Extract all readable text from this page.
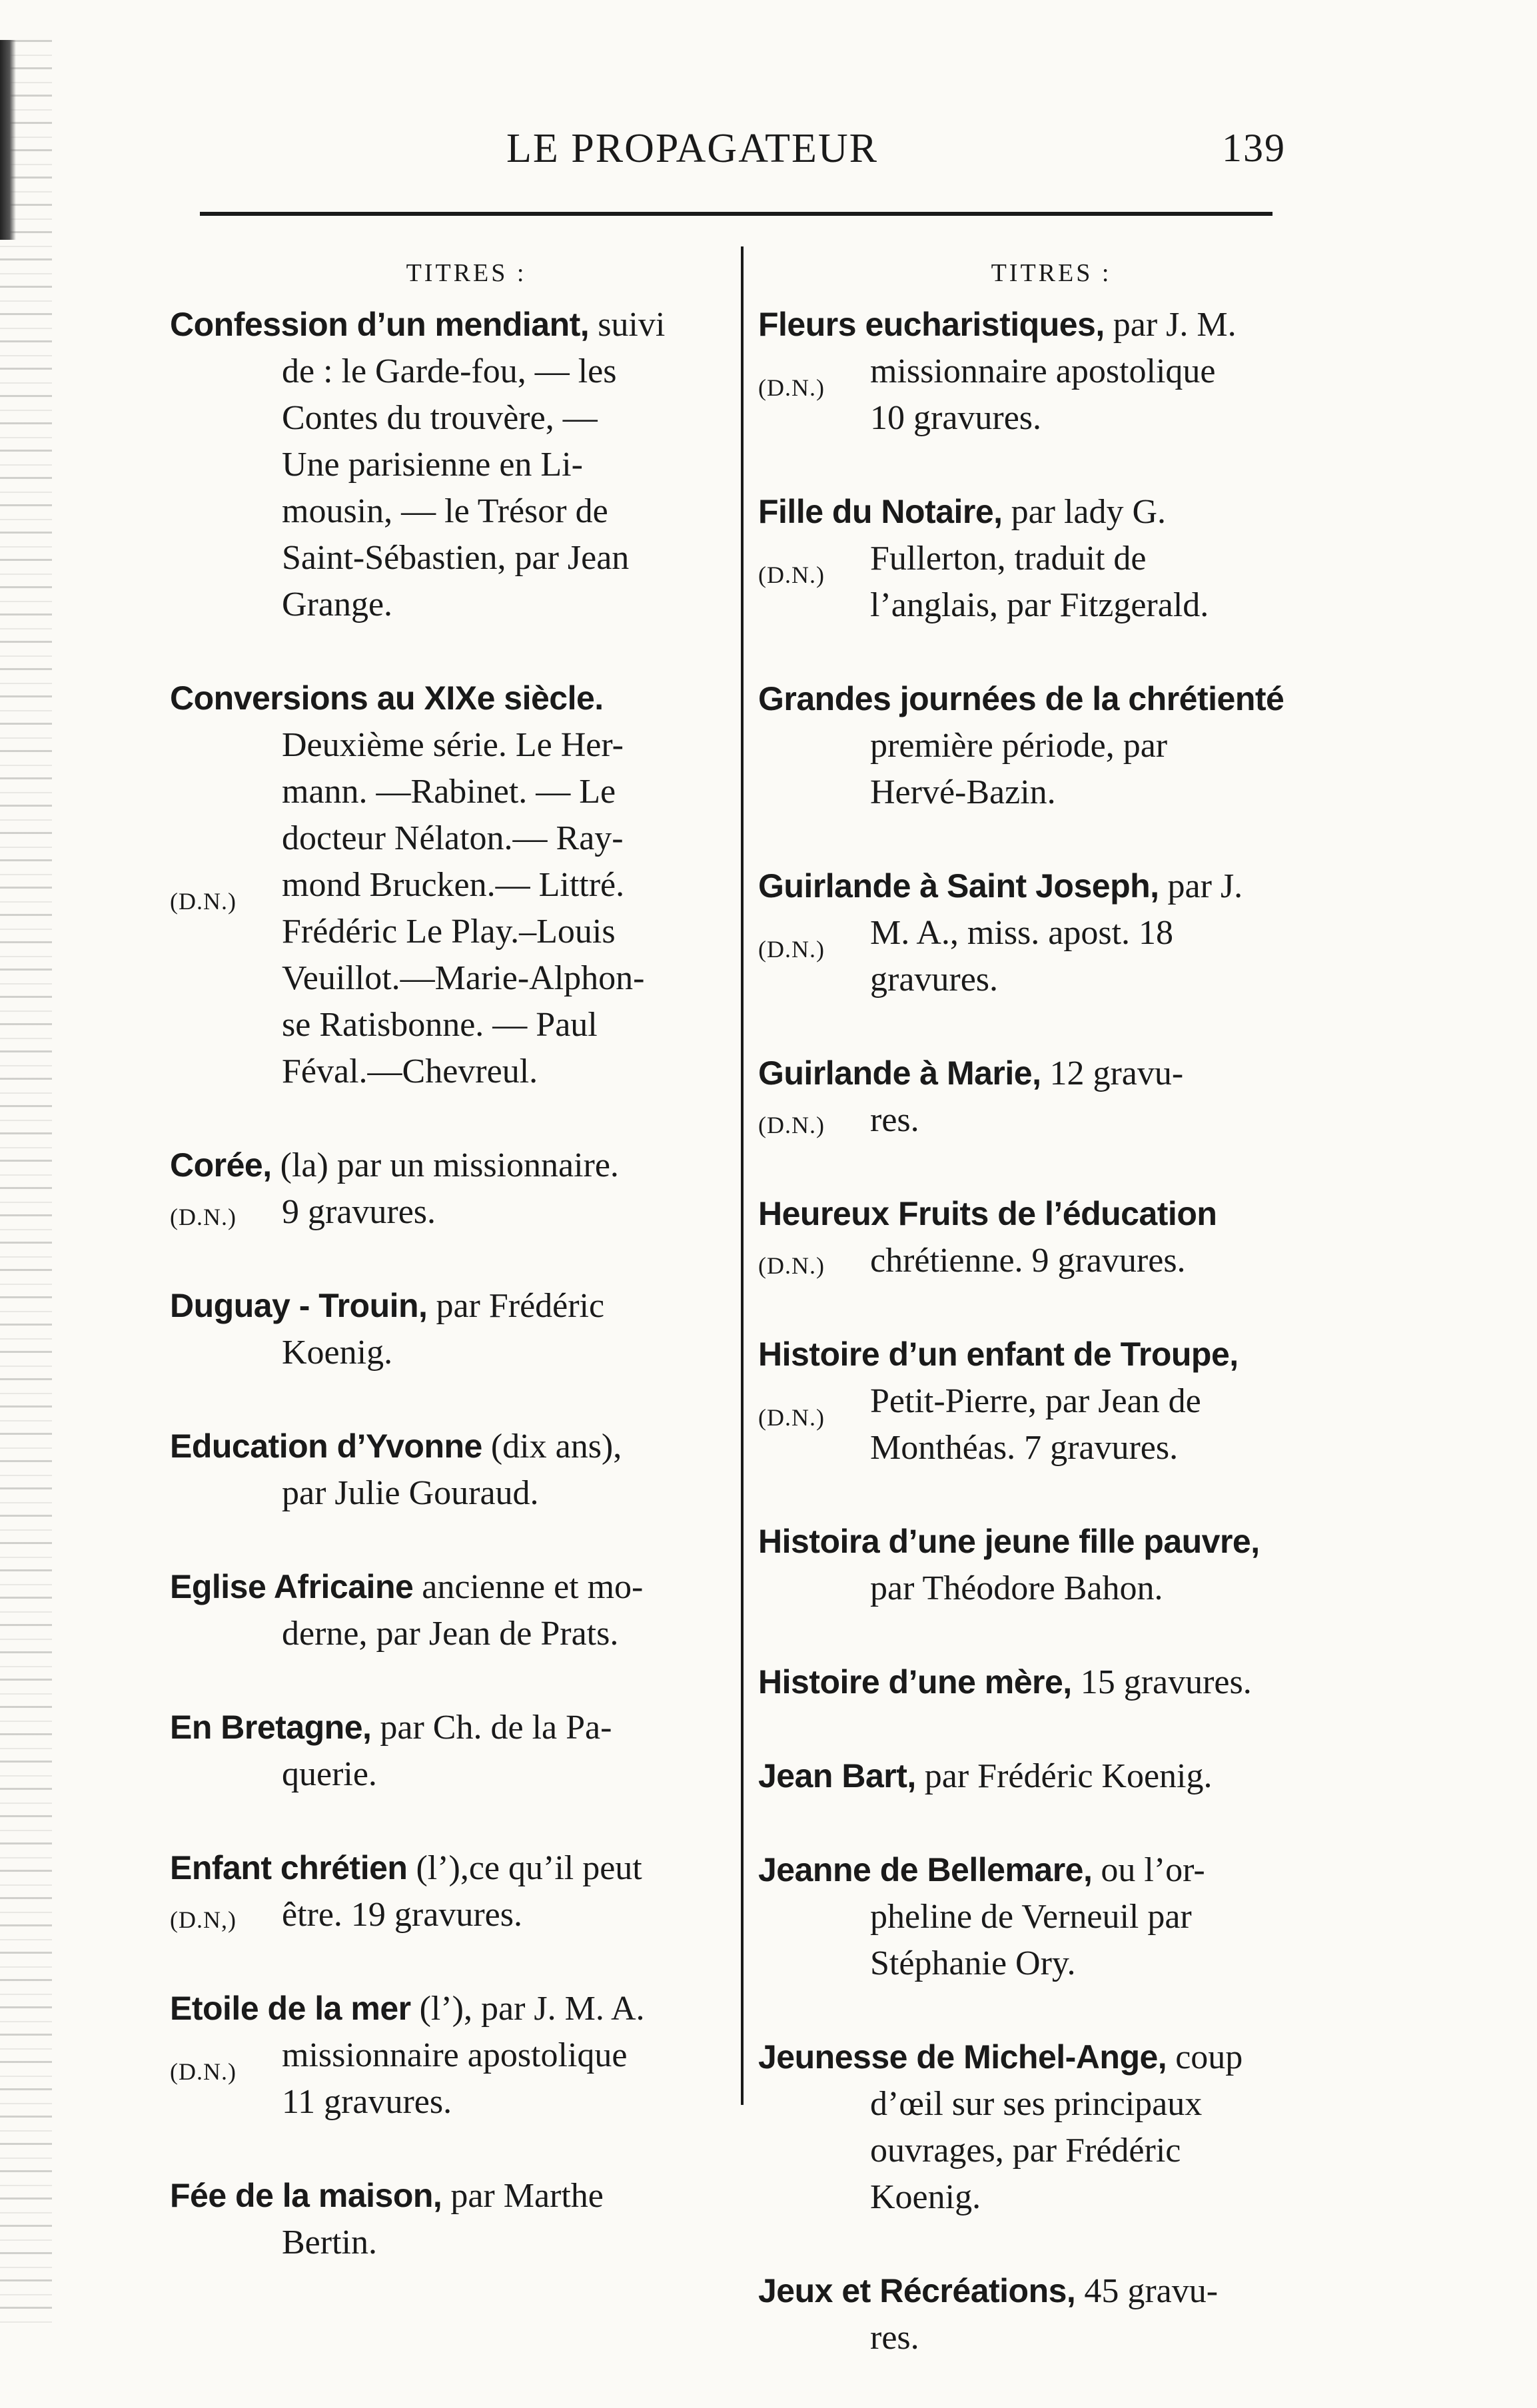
LE PROPAGATEUR	139
TITRES :
Confession d’un mendiant, suivi
de : le Garde-fou, — les
Contes du trouvère, —
Une parisienne en Li-
mousin, — le Trésor de
Saint-Sébastien, par Jean
Grange.
Conversions au XIXe siècle.
Deuxième série. Le Her-
mann. —Rabinet. — Le
docteur Nélaton.— Ray-
mond Brucken.— Littré.
Frédéric Le Play.–Louis
Veuillot.—Marie-Alphon-
se Ratisbonne. — Paul
Féval.—Chevreul.
(D.N.)
Corée, (la) par un missionnaire.
9 gravures.
(D.N.)
Duguay - Trouin, par Frédéric
Koenig.
Education d’Yvonne (dix ans),
par Julie Gouraud.
Eglise Africaine ancienne et mo-
derne, par Jean de Prats.
En Bretagne, par Ch. de la Pa-
querie.
Enfant chrétien (l’),ce qu’il peut
être. 19 gravures.
(D.N,)
Etoile de la mer (l’), par J. M. A.
missionnaire apostolique
11 gravures.
(D.N.)
Fée de la maison, par Marthe
Bertin.
TITRES :
Fleurs eucharistiques, par J. M.
missionnaire apostolique
10 gravures.
(D.N.)
Fille du Notaire, par lady G.
Fullerton, traduit de
l’anglais, par Fitzgerald.
(D.N.)
Grandes journées de la chrétienté
première période, par
Hervé-Bazin.
Guirlande à Saint Joseph, par J.
M. A., miss. apost. 18
gravures.
(D.N.)
Guirlande à Marie, 12 gravu-
res.
(D.N.)
Heureux Fruits de l’éducation
chrétienne. 9 gravures.
(D.N.)
Histoire d’un enfant de Troupe,
Petit-Pierre, par Jean de
Monthéas. 7 gravures.
(D.N.)
Histoira d’une jeune fille pauvre,
par Théodore Bahon.
Histoire d’une mère, 15 gravures.
Jean Bart, par Frédéric Koenig.
Jeanne de Bellemare, ou l’or-
pheline de Verneuil par
Stéphanie Ory.
Jeunesse de Michel-Ange, coup
d’œil sur ses principaux
ouvrages, par Frédéric
Koenig.
Jeux et Récréations, 45 gravu-
res.
